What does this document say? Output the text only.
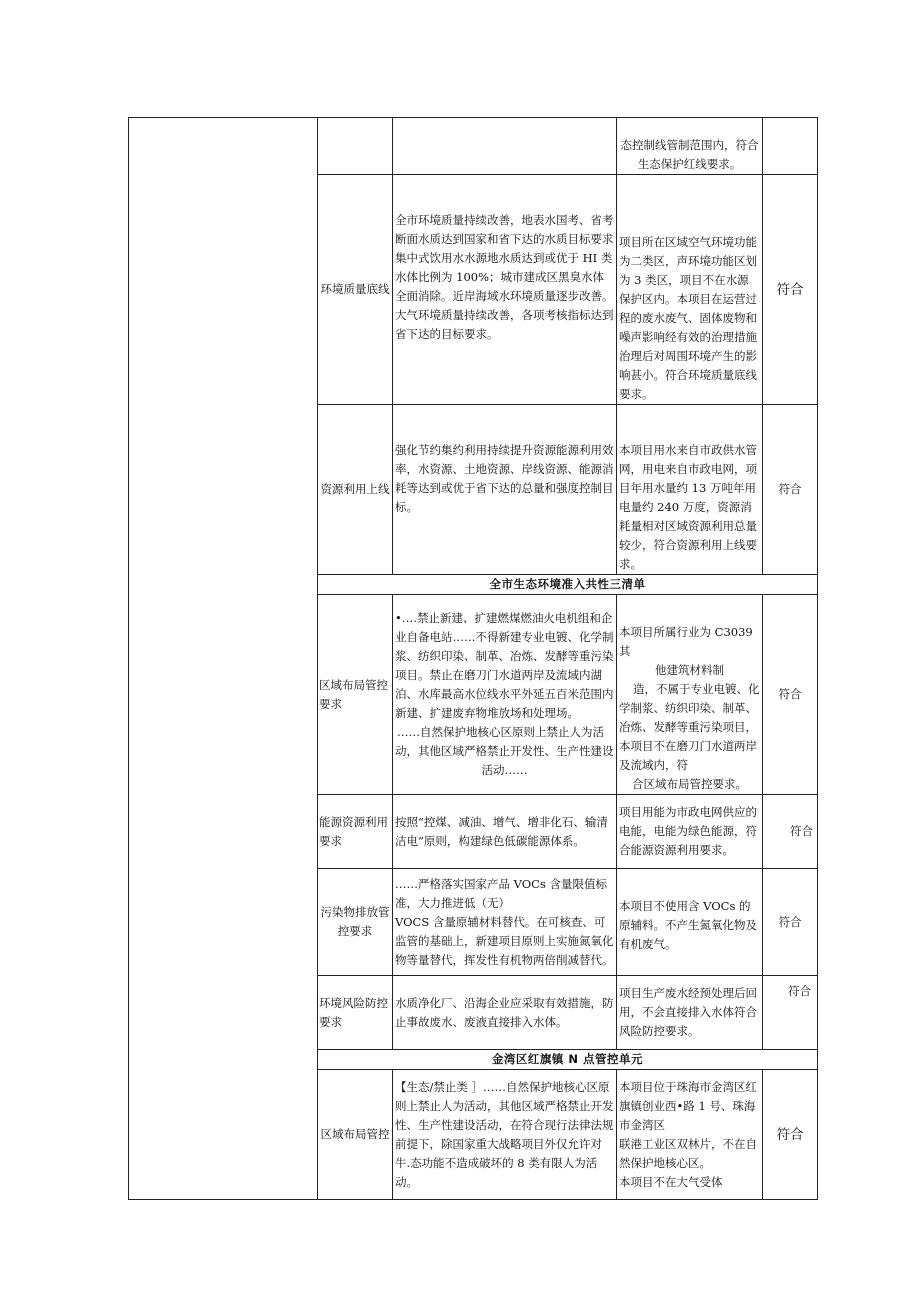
			态控制线管制范围内，符合
生态保护红线要求。	

	环境质量底线	全市环境质量持续改善，地表水国考、省考断面水质达到国家和省下达的水质目标要求集中式饮用水水源地水质达到或优于 HI 类水体比例为 100%；城市建成区黑臭水体全面消除。近岸海域水环境质量逐步改善。大气环境质量持续改善，各项考核指标达到省下达的目标要求。	项目所在区域空气环境功能为二类区，声环境功能区划为 3 类区，项目不在水源保护区内。本项目在运营过程的废水废气、固体废物和噪声影响经有效的治理措施治理后对周围环境产生的影响甚小。符合环境质量底线要求。	符合
	资源利用上线	强化节约集约利用持续提升资源能源利用效率，水资源、土地资源、岸线资源、能源消耗等达到或优于省下达的总量和强度控制目标。	本项目用水来自市政供水管网，用电来自市政电网，项目年用水量约 13 万吨年用电量约 240 万度，资源消耗量相对区域资源利用总量较少，符合资源利用上线要求。	符合
	全市生态环境准入共性三清单			
	区域布局管控要求	•….禁止新建、扩建燃煤燃油火电机组和企业自备电站……不得新建专业电镀、化学制浆、纺织印染、制革、冶炼、发酵等重污染项目。禁止在磨刀门水道两岸及流域内湖泊、水库最高水位线水平外延五百米范围内新建、扩建废弃物堆放场和处理场。
……自然保护地核心区原则上禁止人为活动，其他区域严格禁止开发性、生产性建设
活动……	本项目所属行业为 C3039 其
他建筑材料制
造，不属于专业电镀、化学制浆、纺织印染、制革、冶炼、发酵等重污染项目，本项目不在磨刀门水道两岸及流域内，符
合区域布局管控要求。	符合
	能源资源利用要求	按照“控煤、减油、增气、增非化石、输清洁电”原则，构建绿色低碳能源体系。	项目用能为市政电网供应的电能，电能为绿色能源，符合能源资源利用要求。	符合
	污染物排放管控要求	……严格落实国家产品 VOCs 含量限值标准，大力推进低（无）
VOCS 含量原辅材料替代。在可核查、可监管的基础上，新建项目原则上实施氮氧化物等量替代，挥发性有机物两倍削减替代。	本项目不使用含 VOCs 的原辅料。不产生氮氧化物及有机废气。	符合
	环境风险防控要求	水质净化厂、沿海企业应采取有效措施，防止事故废水、废液直接排入水体。	项目生产废水经预处理后回用，不会直接排入水体符合风险防控要求。	符合
	金湾区红旗镇 N 点管控单元			
	区域布局管控	【生态/禁止类 ］……自然保护地核心区原则上禁止人为活动，其他区域严格禁止开发性、生产性建设活动，在符合现行法律法规前提下，除国家重大战略项目外仅允许对牛.态功能不造成破坏的 8 类有限人为活动。	本项目位于珠海市金湾区红旗镇创业西•路 1 号、珠海市金湾区
联港工业区双林片，不在自然保护地核心区。
本项目不在大气受体	符合
